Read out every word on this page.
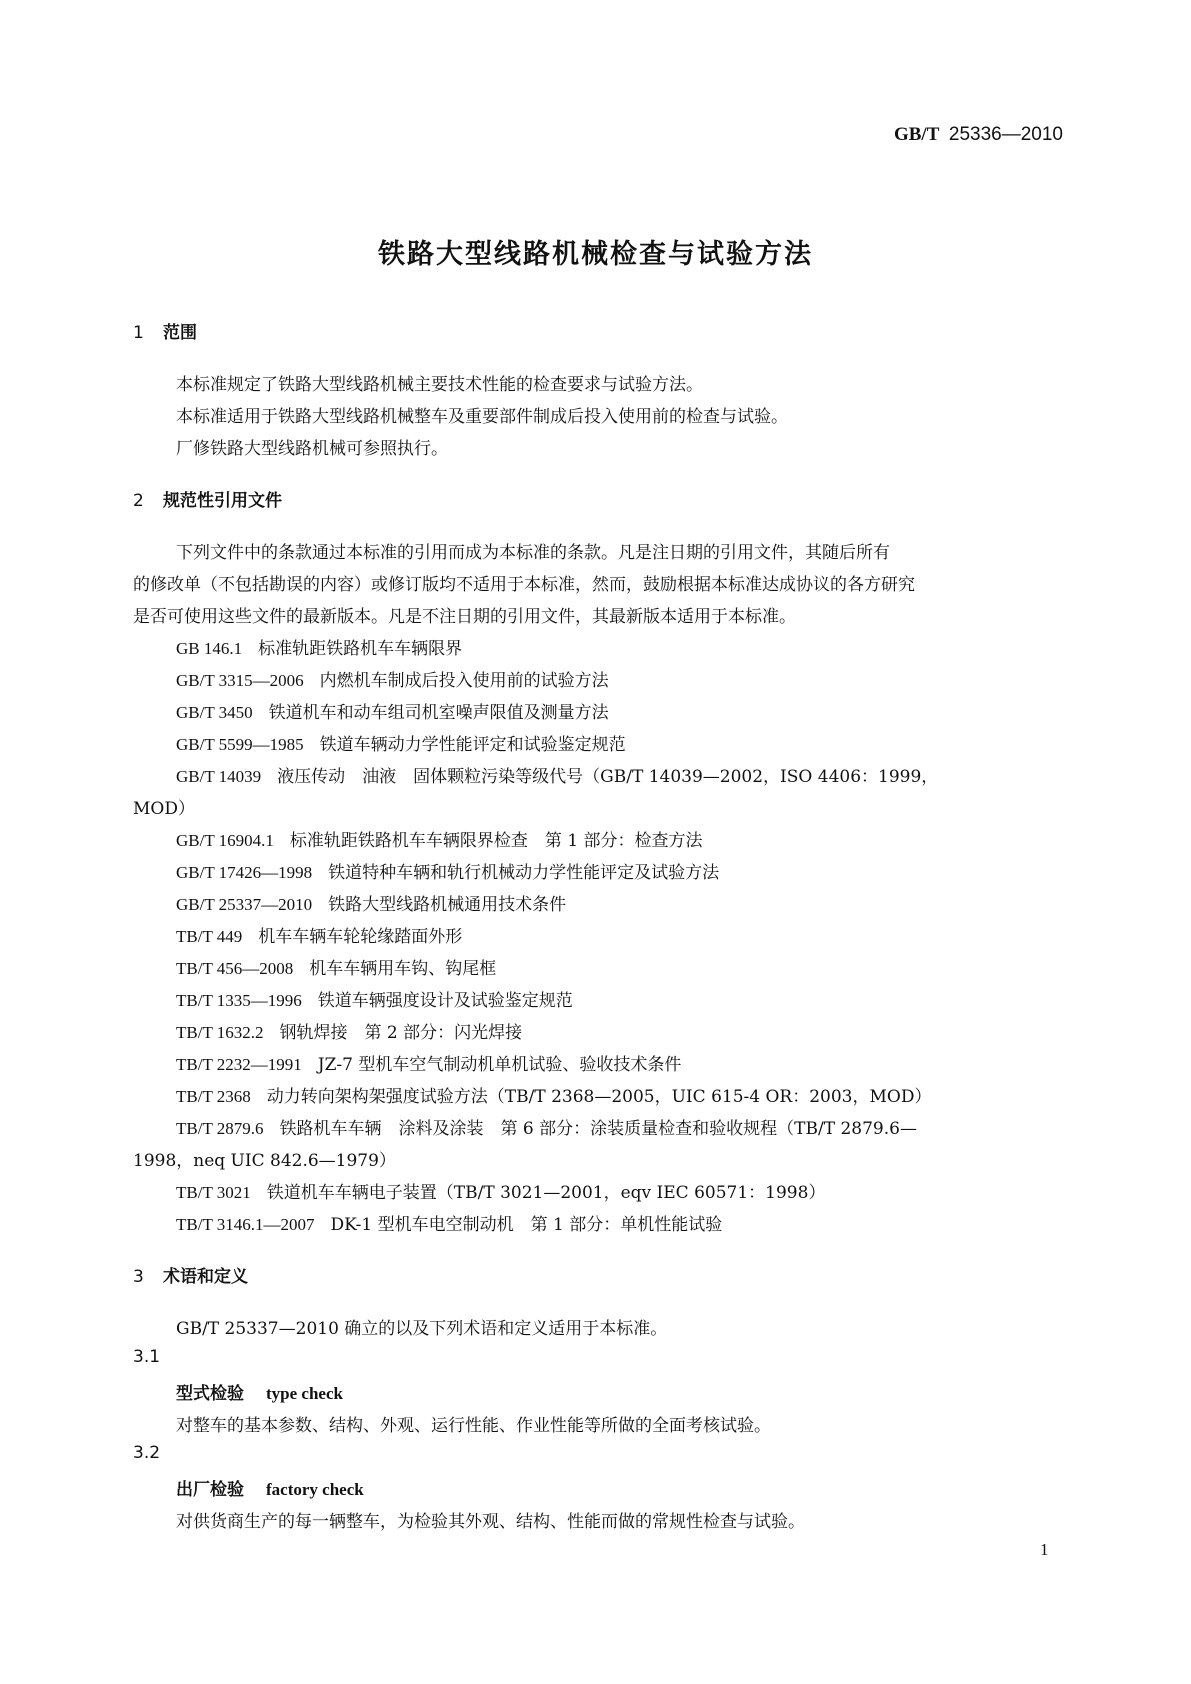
GB/T 25336—2010
铁路大型线路机械检查与试验方法
1 范围
本标准规定了铁路大型线路机械主要技术性能的检查要求与试验方法。
本标准适用于铁路大型线路机械整车及重要部件制成后投入使用前的检查与试验。
厂修铁路大型线路机械可参照执行。
2 规范性引用文件
下列文件中的条款通过本标准的引用而成为本标准的条款。凡是注日期的引用文件，其随后所有
的修改单（不包括勘误的内容）或修订版均不适用于本标准，然而，鼓励根据本标准达成协议的各方研究
是否可使用这些文件的最新版本。凡是不注日期的引用文件，其最新版本适用于本标准。
GB 146.1 标准轨距铁路机车车辆限界
GB/T 3315—2006 内燃机车制成后投入使用前的试验方法
GB/T 3450 铁道机车和动车组司机室噪声限值及测量方法
GB/T 5599—1985 铁道车辆动力学性能评定和试验鉴定规范
GB/T 14039 液压传动　油液　固体颗粒污染等级代号（GB/T 14039—2002，ISO 4406：1999，
MOD）
GB/T 16904.1 标准轨距铁路机车车辆限界检查　第 1 部分：检查方法
GB/T 17426—1998 铁道特种车辆和轨行机械动力学性能评定及试验方法
GB/T 25337—2010 铁路大型线路机械通用技术条件
TB/T 449 机车车辆车轮轮缘踏面外形
TB/T 456—2008 机车车辆用车钩、钩尾框
TB/T 1335—1996 铁道车辆强度设计及试验鉴定规范
TB/T 1632.2 钢轨焊接　第 2 部分：闪光焊接
TB/T 2232—1991 JZ-7 型机车空气制动机单机试验、验收技术条件
TB/T 2368 动力转向架构架强度试验方法（TB/T 2368—2005，UIC 615-4 OR：2003，MOD）
TB/T 2879.6 铁路机车车辆　涂料及涂装　第 6 部分：涂装质量检查和验收规程（TB/T 2879.6—
1998，neq UIC 842.6—1979）
TB/T 3021 铁道机车车辆电子装置（TB/T 3021—2001，eqv IEC 60571：1998）
TB/T 3146.1—2007 DK-1 型机车电空制动机　第 1 部分：单机性能试验
3 术语和定义
GB/T 25337—2010 确立的以及下列术语和定义适用于本标准。
3.1
型式检验 type check
对整车的基本参数、结构、外观、运行性能、作业性能等所做的全面考核试验。
3.2
出厂检验 factory check
对供货商生产的每一辆整车，为检验其外观、结构、性能而做的常规性检查与试验。
1
